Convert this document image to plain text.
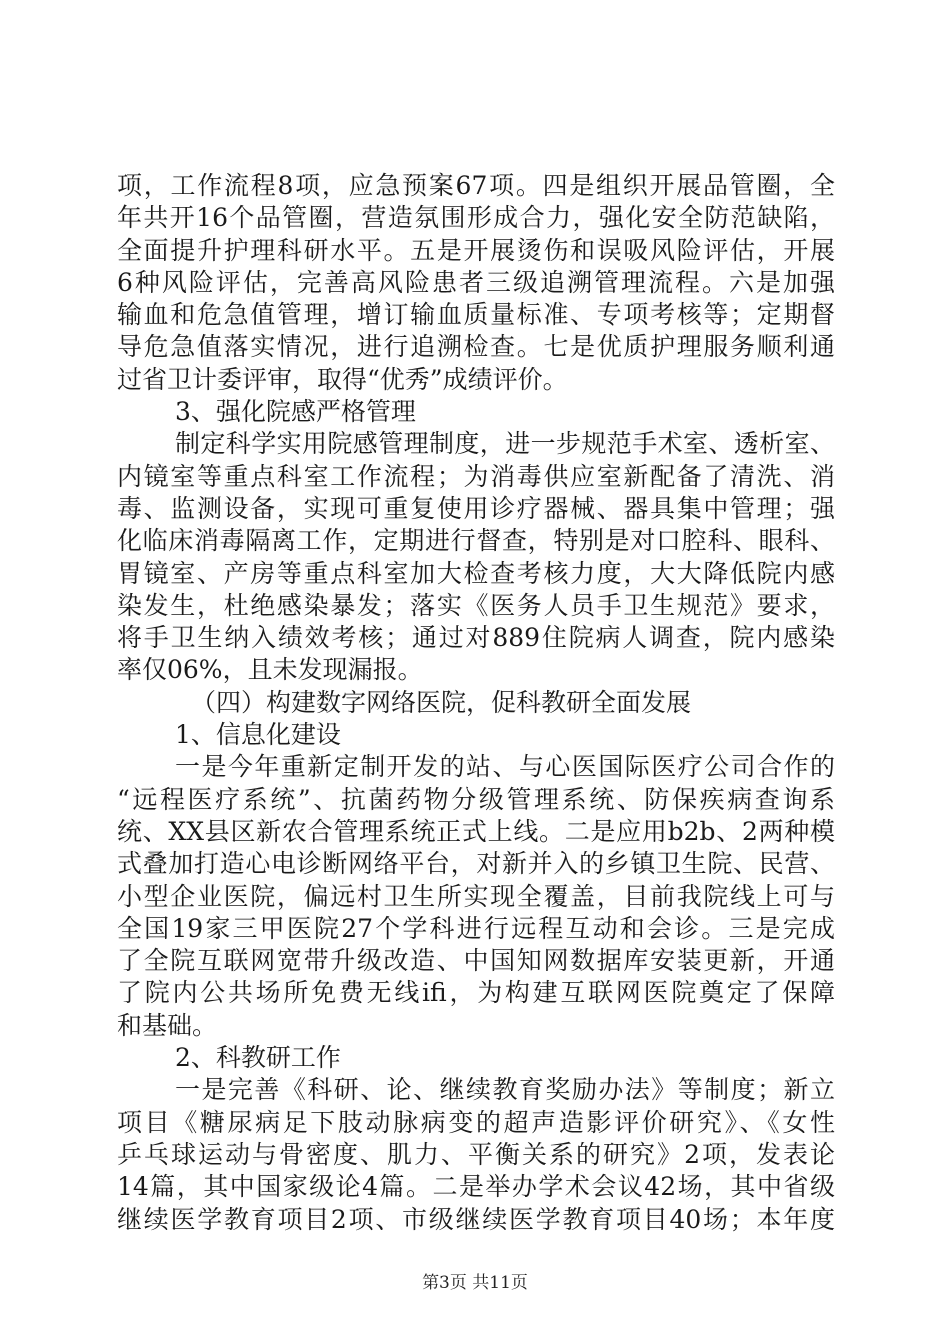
项，工作流程8项，应急预案67项。四是组织开展品管圈，全
年共开16个品管圈，营造氛围形成合力，强化安全防范缺陷，
全面提升护理科研水平。五是开展烫伤和误吸风险评估，开展
6种风险评估，完善高风险患者三级追溯管理流程。六是加强
输血和危急值管理，增订输血质量标准、专项考核等；定期督
导危急值落实情况，进行追溯检查。七是优质护理服务顺利通
过省卫计委评审，取得“优秀”成绩评价。
3、强化院感严格管理
制定科学实用院感管理制度，进一步规范手术室、透析室、
内镜室等重点科室工作流程；为消毒供应室新配备了清洗、消
毒、监测设备，实现可重复使用诊疗器械、器具集中管理；强
化临床消毒隔离工作，定期进行督查，特别是对口腔科、眼科、
胃镜室、产房等重点科室加大检查考核力度，大大降低院内感
染发生，杜绝感染暴发；落实《医务人员手卫生规范》要求，
将手卫生纳入绩效考核；通过对889住院病人调查，院内感染
率仅06%，且未发现漏报。
（四）构建数字网络医院，促科教研全面发展
1、信息化建设
一是今年重新定制开发的站、与心医国际医疗公司合作的
“远程医疗系统”、抗菌药物分级管理系统、防保疾病查询系
统、XX县区新农合管理系统正式上线。二是应用b2b、2两种模
式叠加打造心电诊断网络平台，对新并入的乡镇卫生院、民营、
小型企业医院，偏远村卫生所实现全覆盖，目前我院线上可与
全国19家三甲医院27个学科进行远程互动和会诊。三是完成
了全院互联网宽带升级改造、中国知网数据库安装更新，开通
了院内公共场所免费无线ifi，为构建互联网医院奠定了保障
和基础。
2、科教研工作
一是完善《科研、论、继续教育奖励办法》等制度；新立
项目《糖尿病足下肢动脉病变的超声造影评价研究》、《女性
乒乓球运动与骨密度、肌力、平衡关系的研究》2项，发表论
14篇，其中国家级论4篇。二是举办学术会议42场，其中省级
继续医学教育项目2项、市级继续医学教育项目40场；本年度
第3页 共11页
